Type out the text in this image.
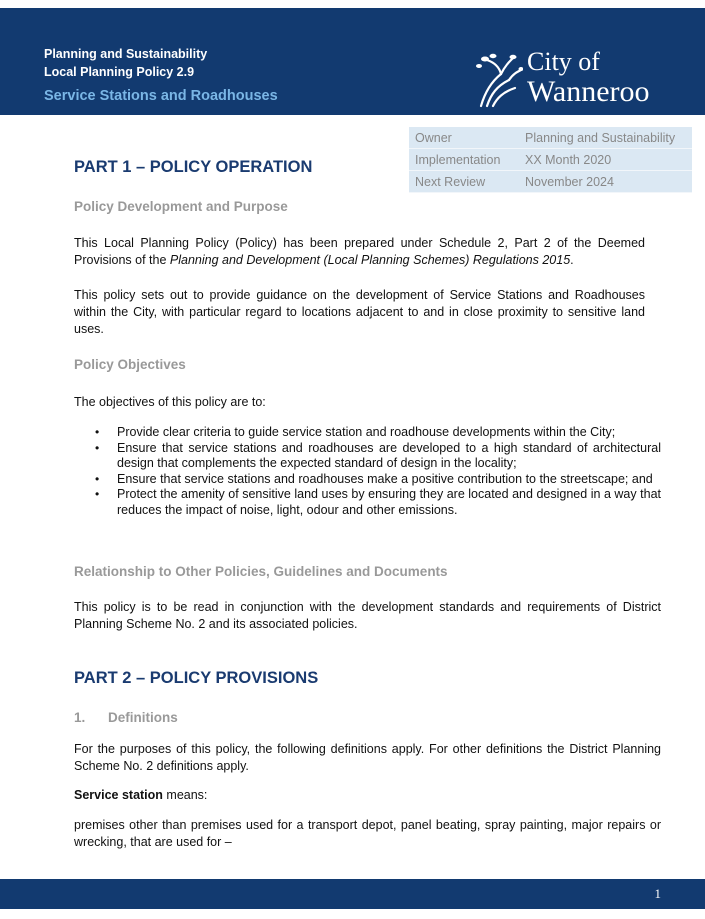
Planning and Sustainability
Local Planning Policy 2.9
Service Stations and Roadhouses
City of
Wanneroo
Owner	Planning and Sustainability
Implementation	XX Month 2020
Next Review	November 2024
PART 1 – POLICY OPERATION
Policy Development and Purpose
This Local Planning Policy (Policy) has been prepared under Schedule 2, Part 2 of the Deemed Provisions of the Planning and Development (Local Planning Schemes) Regulations 2015.
This policy sets out to provide guidance on the development of Service Stations and Roadhouses within the City, with particular regard to locations adjacent to and in close proximity to sensitive land uses.
Policy Objectives
The objectives of this policy are to:
• Provide clear criteria to guide service station and roadhouse developments within the City;
• Ensure that service stations and roadhouses are developed to a high standard of architectural design that complements the expected standard of design in the locality;
• Ensure that service stations and roadhouses make a positive contribution to the streetscape; and
• Protect the amenity of sensitive land uses by ensuring they are located and designed in a way that reduces the impact of noise, light, odour and other emissions.
Relationship to Other Policies, Guidelines and Documents
This policy is to be read in conjunction with the development standards and requirements of District Planning Scheme No. 2 and its associated policies.
PART 2 – POLICY PROVISIONS
1. Definitions
For the purposes of this policy, the following definitions apply. For other definitions the District Planning Scheme No. 2 definitions apply.
Service station means:
premises other than premises used for a transport depot, panel beating, spray painting, major repairs or wrecking, that are used for –
1
